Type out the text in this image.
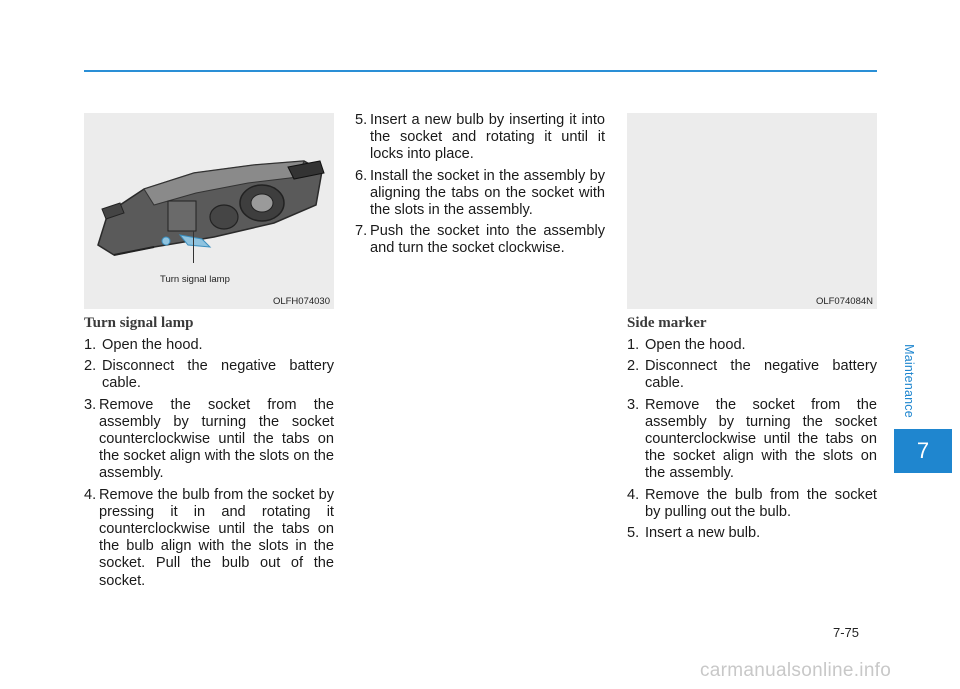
Turn signal lamp
OLFH074030	OLF074084N
Turn signal lamp
1. Open the hood.
2. Disconnect the negative battery cable.
3. Remove the socket from the assembly by turning the socket counterclockwise until the tabs on the socket align with the slots on the assembly.
4. Remove the bulb from the socket by pressing it in and rotating it counterclockwise until the tabs on the bulb align with the slots in the socket. Pull the bulb out of the socket.
5. Insert a new bulb by inserting it into the socket and rotating it until it locks into place.
6. Install the socket in the assembly by aligning the tabs on the socket with the slots in the assembly.
7. Push the socket into the assembly and turn the socket clockwise.
Side marker
1. Open the hood.
2. Disconnect the negative battery cable.
3. Remove the socket from the assembly by turning the socket counterclockwise until the tabs on the socket align with the slots on the assembly.
4. Remove the bulb from the socket by pulling out the bulb.
5. Insert a new bulb.
Maintenance
7
7-75
carmanualsonline.info
